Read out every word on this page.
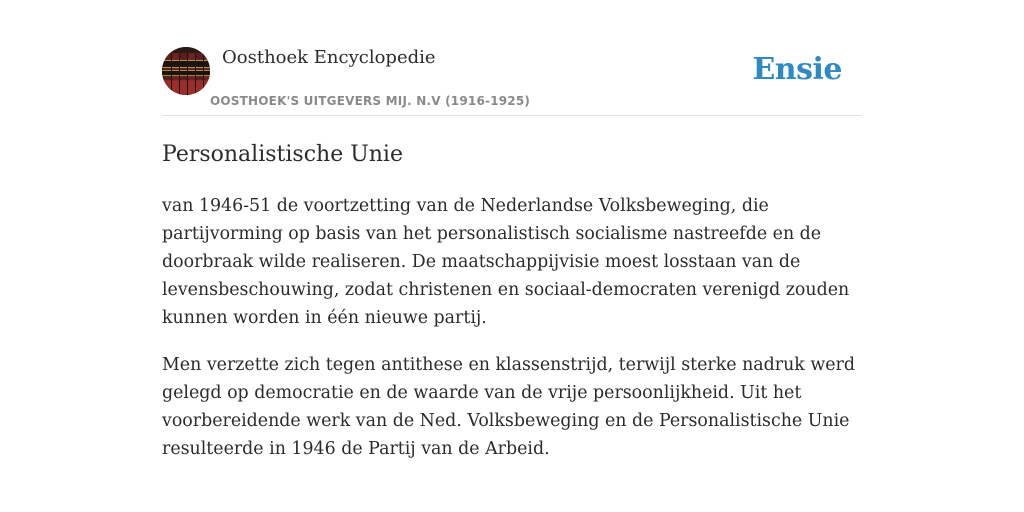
Oosthoek Encyclopedie
OOSTHOEK'S UITGEVERS MIJ. N.V (1916-1925)
Ensie
Personalistische Unie

van 1946-51 de voortzetting van de Nederlandse Volksbeweging, die partijvorming op basis van het personalistisch socialisme nastreefde en de doorbraak wilde realiseren. De maatschappijvisie moest losstaan van de levensbeschouwing, zodat christenen en sociaal-democraten verenigd zouden kunnen worden in één nieuwe partij.

Men verzette zich tegen antithese en klassenstrijd, terwijl sterke nadruk werd gelegd op democratie en de waarde van de vrije persoonlijkheid. Uit het voorbereidende werk van de Ned. Volksbeweging en de Personalistische Unie resulteerde in 1946 de Partij van de Arbeid.
